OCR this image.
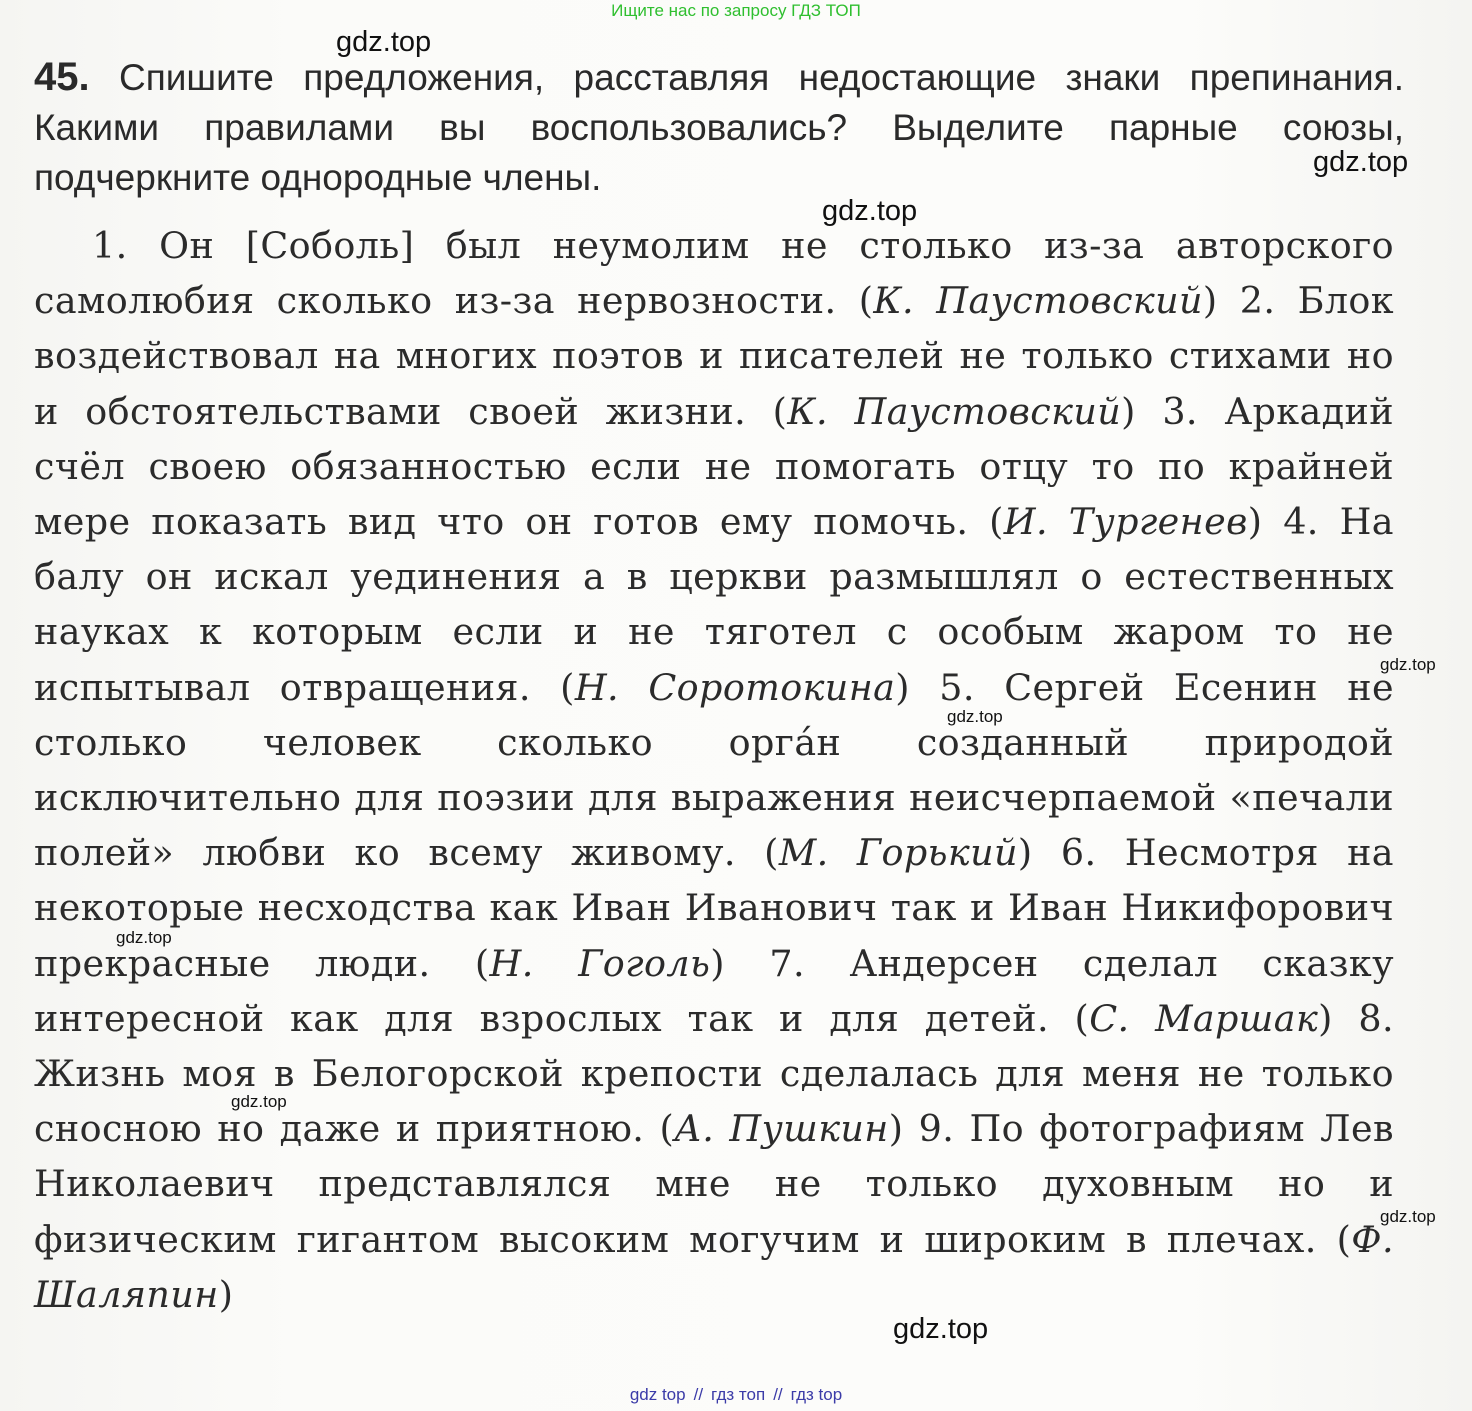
Ищите нас по запросу ГДЗ ТОП
45. Спишите предложения, расставляя недостающие знаки препинания. Какими правилами вы воспользовались? Выделите парные союзы, подчеркните однородные члены.
1. Он [Соболь] был неумолим не столько из-за авторского самолюбия сколько из-за нервозности. (К. Паустовский) 2. Блок воздействовал на многих поэтов и писателей не только стихами но и обстоятельствами своей жизни. (К. Паустовский) 3. Аркадий счёл своею обязанностью если не помогать отцу то по крайней мере показать вид что он готов ему помочь. (И. Тургенев) 4. На балу он искал уединения а в церкви размышлял о естественных науках к которым если и не тяготел с особым жаром то не испытывал отвращения. (Н. Соротокина) 5. Сергей Есенин не столько человек сколько орга́н созданный природой исключительно для поэзии для выражения неисчерпаемой «печали полей» любви ко всему живому. (М. Горький) 6. Несмотря на некоторые несходства как Иван Иванович так и Иван Никифорович прекрасные люди. (Н. Гоголь) 7. Андерсен сделал сказку интересной как для взрослых так и для детей. (С. Маршак) 8. Жизнь моя в Белогорской крепости сделалась для меня не только сносною но даже и приятною. (А. Пушкин) 9. По фотографиям Лев Николаевич представлялся мне не только духовным но и физическим гигантом высоким могучим и широким в плечах. (Ф. Шаляпин)
gdz.top
gdz.top
gdz.top
gdz.top
gdz.top
gdz.top
gdz.top
gdz.top
gdz.top
gdz top // гдз топ // гдз top
